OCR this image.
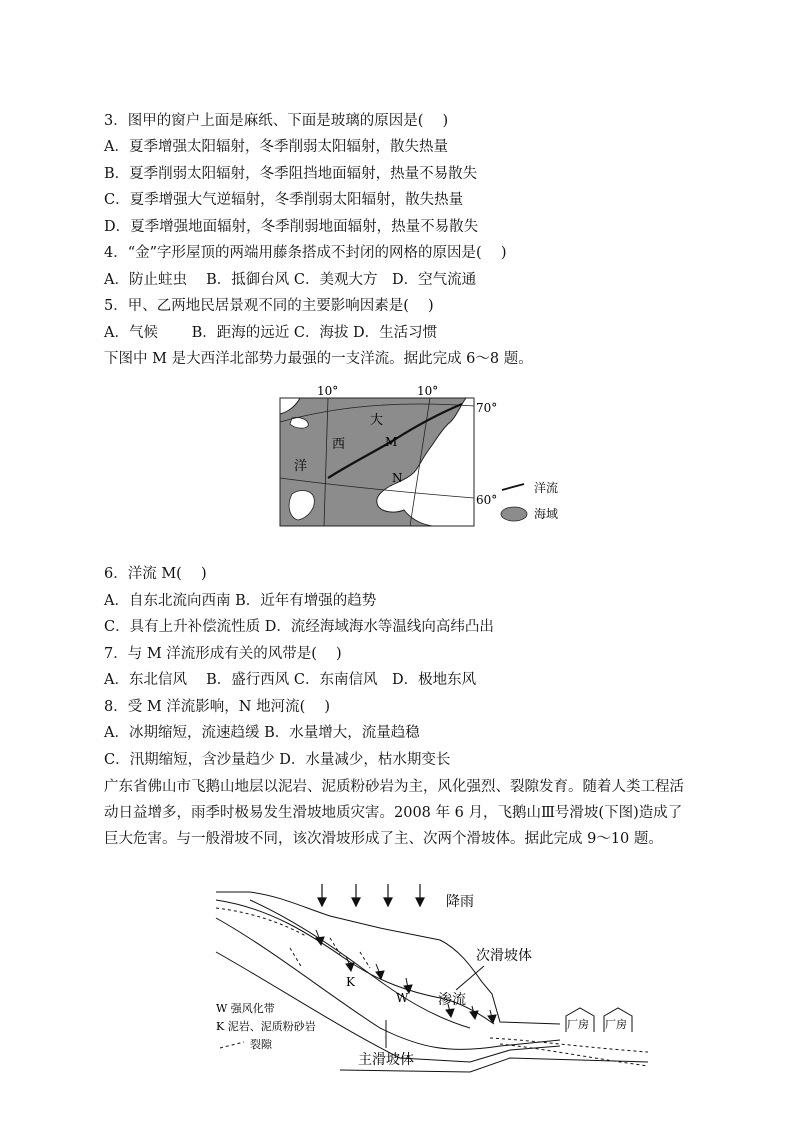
3．图甲的窗户上面是麻纸、下面是玻璃的原因是(　 )
A．夏季增强太阳辐射，冬季削弱太阳辐射，散失热量
B．夏季削弱太阳辐射，冬季阻挡地面辐射，热量不易散失
C．夏季增强大气逆辐射，冬季削弱太阳辐射，散失热量
D．夏季增强地面辐射，冬季削弱地面辐射，热量不易散失
4．“金”字形屋顶的两端用藤条搭成不封闭的网格的原因是(　 )
A．防止蛀虫　 B．抵御台风 C．美观大方　D．空气流通
5．甲、乙两地民居景观不同的主要影响因素是(　 )
A．气候　　 B．距海的远近 C．海拔 D．生活习惯
下图中 M 是大西洋北部势力最强的一支洋流。据此完成 6～8 题。
10°	10°
大
西
洋
M
N
70°
60°
洋流
海域
6．洋流 M(　 )
A．自东北流向西南 B．近年有增强的趋势
C．具有上升补偿流性质 D．流经海域海水等温线向高纬凸出
7．与 M 洋流形成有关的风带是(　 )
A．东北信风　 B．盛行西风 C．东南信风　D．极地东风
8．受 M 洋流影响，N 地河流(　 )
A．冰期缩短，流速趋缓 B．水量增大，流量趋稳
C．汛期缩短，含沙量趋少 D．水量减少，枯水期变长
广东省佛山市飞鹅山地层以泥岩、泥质粉砂岩为主，风化强烈、裂隙发育。随着人类工程活动日益增多，雨季时极易发生滑坡地质灾害。2008 年 6 月，飞鹅山Ⅲ号滑坡(下图)造成了巨大危害。与一般滑坡不同，该次滑坡形成了主、次两个滑坡体。据此完成 9～10 题。
降雨
K
W 渗流
次滑坡体
主滑坡体
厂房 厂房
W 强风化带
K 泥岩、泥质粉砂岩
裂隙
